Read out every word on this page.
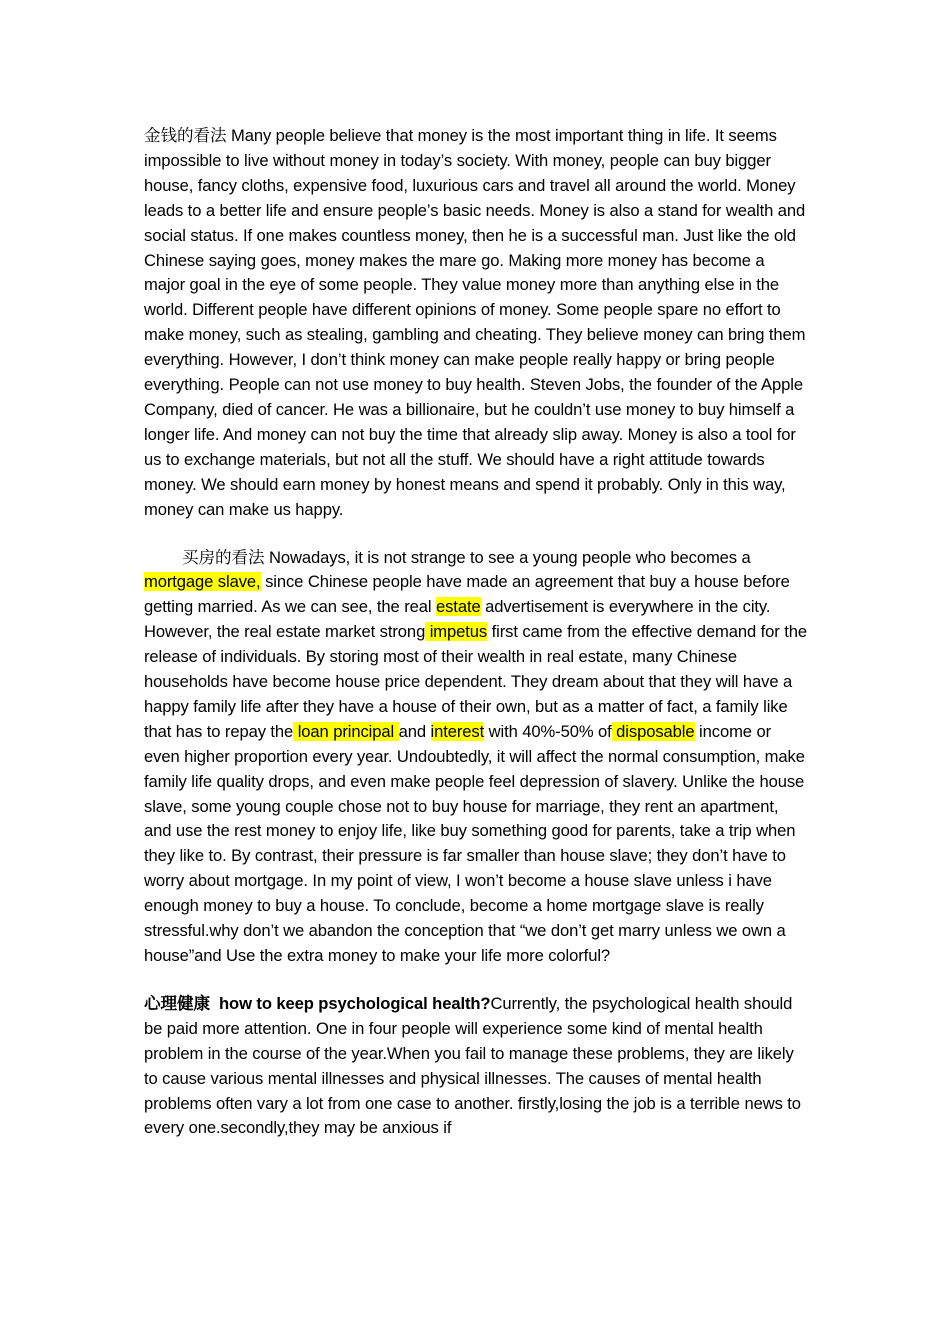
金钱的看法 Many people believe that money is the most important thing in life. It seems impossible to live without money in today’s society. With money, people can buy bigger house, fancy cloths, expensive food, luxurious cars and travel all around the world. Money leads to a better life and ensure people’s basic needs. Money is also a stand for wealth and social status. If one makes countless money, then he is a successful man. Just like the old Chinese saying goes, money makes the mare go. Making more money has become a major goal in the eye of some people. They value money more than anything else in the world. Different people have different opinions of money. Some people spare no effort to make money, such as stealing, gambling and cheating. They believe money can bring them everything. However, I don’t think money can make people really happy or bring people everything. People can not use money to buy health. Steven Jobs, the founder of the Apple Company, died of cancer. He was a billionaire, but he couldn’t use money to buy himself a longer life. And money can not buy the time that already slip away. Money is also a tool for us to exchange materials, but not all the stuff. We should have a right attitude towards money. We should earn money by honest means and spend it probably. Only in this way, money can make us happy.

买房的看法 Nowadays, it is not strange to see a young people who becomes a mortgage slave, since Chinese people have made an agreement that buy a house before getting married. As we can see, the real estate advertisement is everywhere in the city. However, the real estate market strong impetus first came from the effective demand for the release of individuals. By storing most of their wealth in real estate, many Chinese households have become house price dependent. They dream about that they will have a happy family life after they have a house of their own, but as a matter of fact, a family like that has to repay the loan principal and interest with 40%-50% of disposable income or even higher proportion every year. Undoubtedly, it will affect the normal consumption, make family life quality drops, and even make people feel depression of slavery. Unlike the house slave, some young couple chose not to buy house for marriage, they rent an apartment, and use the rest money to enjoy life, like buy something good for parents, take a trip when they like to. By contrast, their pressure is far smaller than house slave; they don’t have to worry about mortgage. In my point of view, I won’t become a house slave unless i have enough money to buy a house. To conclude, become a home mortgage slave is really stressful.why don’t we abandon the conception that “we don’t get marry unless we own a house”and Use the extra money to make your life more colorful?

心理健康  how to keep psychological health?Currently, the psychological health should be paid more attention. One in four people will experience some kind of mental health problem in the course of the year.When you fail to manage these problems, they are likely to cause various mental illnesses and physical illnesses. The causes of mental health problems often vary a lot from one case to another. firstly,losing the job is a terrible news to every one.secondly,they may be anxious if
